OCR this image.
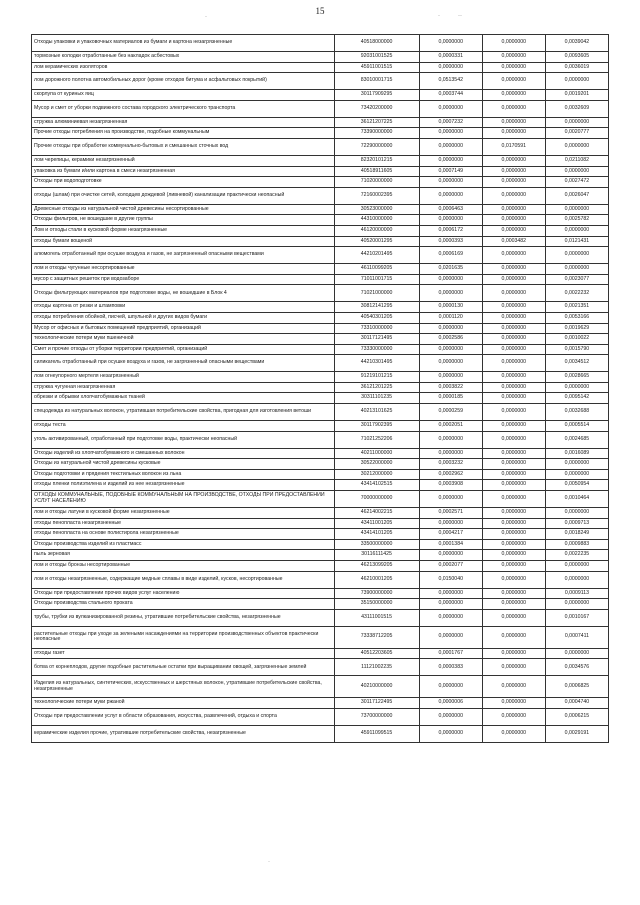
15
·	·	··
Отходы упаковки и упаковочных материалов из бумаги и картона незагрязненные	40518000000	0,0000000	0,0000000	0,0039042
тормозные колодки отработанные без накладок асбестовых	92031001525	0,0000331	0,0000000	0,0093605
лом керамических изоляторов	45911001515	0,0000000	0,0000000	0,0036019
лом дорожного полотна автомобильных дорог (кроме отходов битума и асфальтовых покрытий)	83010001715	0,0513542	0,0000000	0,0000000
скорлупа от куриных яиц	30117909295	0,0003744	0,0000000	0,0019201
Мусор и смет от уборки подвижного состава городского электрического транспорта	73420200000	0,0000000	0,0000000	0,0032609
стружка алюминиевая незагрязненная	36121207225	0,0007232	0,0000000	0,0000000
Прочие отходы потребления на производстве, подобные коммунальным	73390000000	0,0000000	0,0000000	0,0020777
Прочие отходы при обработке коммунально-бытовых и смешанных сточных вод	72290000000	0,0000000	0,0170591	0,0000000
лом черепицы, керамики незагрязненный	82320101215	0,0000000	0,0000000	0,0211082
упаковка из бумаги и/или картона в смеси незагрязненная	40518911605	0,0007149	0,0000000	0,0000000
Отходы при водоподготовке	71020000000	0,0000000	0,0000000	0,0027472
отходы (шлам) при очистке сетей, колодцев дождевой (ливневой) канализации практически неопасный	72160002395	0,0000000	0,0000000	0,0026047
Древесные отходы из натуральной чистой древесины несортированные	30523000000	0,0006463	0,0000000	0,0000000
Отходы фильтров, не вошедшие в другие группы	44310000000	0,0000000	0,0000000	0,0025782
Лом и отходы стали в кусковой форме незагрязненные	46120000000	0,0006172	0,0000000	0,0000000
отходы бумаги вощеной	40520001295	0,0000393	0,0003482	0,0121431
алюмогель отработанный при осушке воздуха и газов, не загрязненный опасными веществами	44210201495	0,0006169	0,0000000	0,0000000
лом и отходы чугунные несортированные	46110099205	0,0201635	0,0000000	0,0000000
мусор с защитных решеток при водозаборе	71011001715	0,0000000	0,0000000	0,0023077
Отходы фильтрующих материалов при подготовке воды, не вошедшие в Блок 4	71021000000	0,0000000	0,0000000	0,0022232
отходы картона от резки и штамповки	30812141295	0,0000130	0,0000000	0,0021351
отходы потребления обойной, писчей, шпульной и других видов бумаги	40540301205	0,0001120	0,0000000	0,0053166
Мусор от офисных и бытовых помещений предприятий, организаций	73310000000	0,0000000	0,0000000	0,0019629
технологические потери муки пшеничной	30117121495	0,0002586	0,0000000	0,0010022
Смет и прочие отходы от уборки территории предприятий, организаций	73330000000	0,0000000	0,0000000	0,0015790
силикагель отработанный при осушке воздуха и газов, не загрязненный опасными веществами	44210301495	0,0000000	0,0000000	0,0034512
лом огнеупорного мертеля незагрязненный	91219101215	0,0000000	0,0000000	0,0028665
стружка чугунная незагрязненная	36121201225	0,0003822	0,0000000	0,0000000
обрезки и обрывки хлопчатобумажных тканей	30311101235	0,0000185	0,0000000	0,0095142
спецодежда из натуральных волокон, утратившая потребительские свойства, пригодная для изготовления ветоши	40213101625	0,0000259	0,0000000	0,0032688
отходы теста	30117902395	0,0002051	0,0000000	0,0005514
уголь активированный, отработанный при подготовке воды, практически неопасный	71021252206	0,0000000	0,0000000	0,0024685
Отходы изделий из хлопчатобумажного и смешанных волокон	40211000000	0,0000000	0,0000000	0,0016089
Отходы из натуральной чистой древесины кусковые	30522000000	0,0003232	0,0000000	0,0000000
Отходы подготовки и прядения текстильных волокон из льна	30212000000	0,0002962	0,0000000	0,0000000
отходы пленки полиэтилена и изделий из нее незагрязненные	43414102515	0,0003908	0,0000000	0,0050954
ОТХОДЫ КОММУНАЛЬНЫЕ, ПОДОБНЫЕ КОММУНАЛЬНЫМ НА ПРОИЗВОДСТВЕ, ОТХОДЫ ПРИ ПРЕДОСТАВЛЕНИИ УСЛУГ НАСЕЛЕНИЮ	70000000000	0,0000000	0,0000000	0,0010464
лом и отходы латуни в кусковой форме незагрязненные	46214002215	0,0002571	0,0000000	0,0000000
отходы пенопласта незагрязненные	43411001205	0,0000000	0,0000000	0,0009713
отходы пенопласта на основе полистирола незагрязненные	43414101205	0,0004217	0,0000000	0,0018249
Отходы производства изделий из пластмасс	33500000000	0,0001384	0,0000000	0,0009883
пыль зерновая	30116111425	0,0000000	0,0000000	0,0022235
лом и отходы бронзы несортированные	46213099205	0,0002077	0,0000000	0,0000000
лом и отходы незагрязненные, содержащие медные сплавы в виде изделий, кусков, несортированные	46210001205	0,0150040	0,0000000	0,0000000
Отходы при предоставлении прочих видов услуг населению	73900000000	0,0000000	0,0000000	0,0009113
Отходы производства стального проката	35150000000	0,0000000	0,0000000	0,0000000
трубы, трубки из вулканизированной резины, утратившие потребительские свойства, незагрязненные	43111001515	0,0000000	0,0000000	0,0010167
растительные отходы при уходе за зелеными насаждениями на территории производственных объектов практически неопасные	73338712205	0,0000000	0,0000000	0,0007411
отходы газет	40512203605	0,0001767	0,0000000	0,0000000
ботва от корнеплодов, другие подобные растительные остатки при выращивании овощей, загрязненные землей	11121002235	0,0000383	0,0000000	0,0034576
Изделия из натуральных, синтетических, искусственных и шерстяных волокон, утратившие потребительские свойства, незагрязненные	40210000000	0,0000000	0,0000000	0,0006825
технологические потери муки ржаной	30117122495	0,0000006	0,0000000	0,0004740
Отходы при предоставлении услуг в области образования, искусства, развлечений, отдыха и спорта	73700000000	0,0000000	0,0000000	0,0006215
керамические изделия прочие, утратившие потребительские свойства, незагрязненные	45911099515	0,0000000	0,0000000	0,0029191
·
